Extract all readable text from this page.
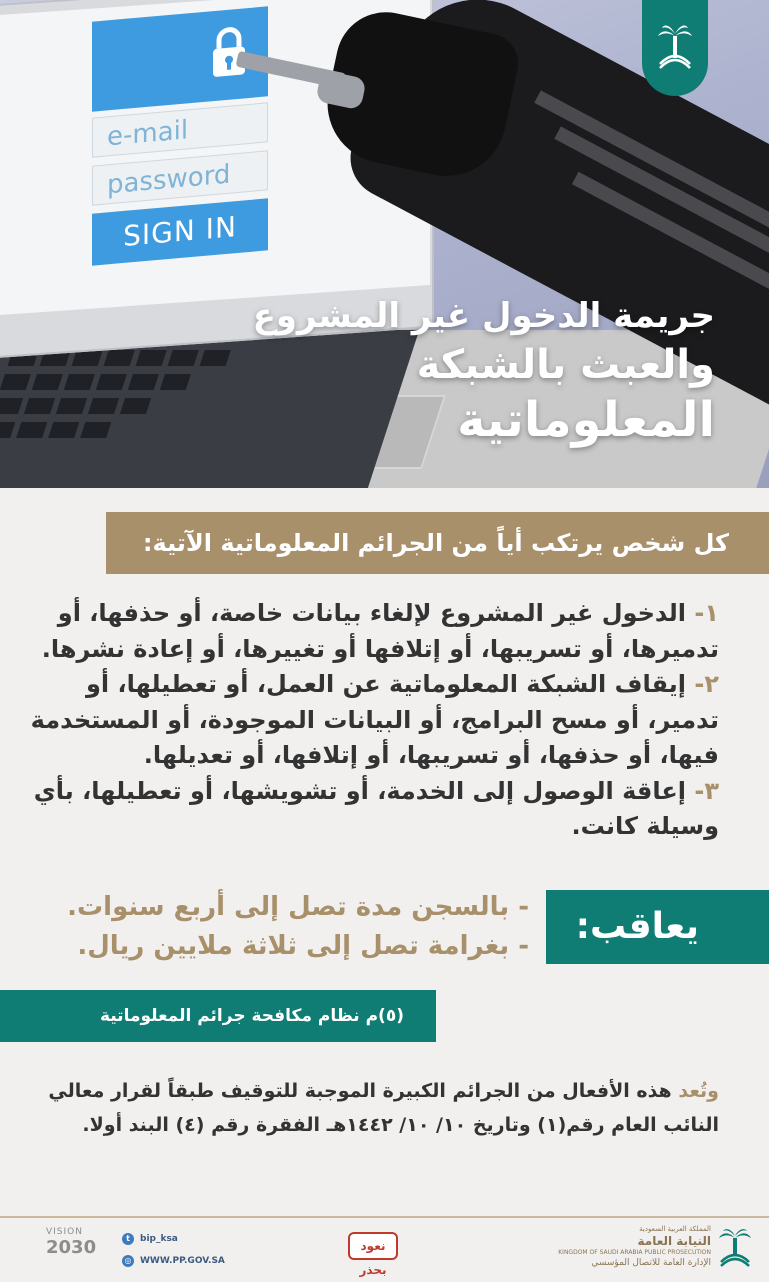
e-mail
password
SIGN IN
جريمة الدخول غير المشروع
والعبث بالشبكة
المعلوماتية
كل شخص يرتكب أياً من الجرائم المعلوماتية الآتية:
١- الدخول غير المشروع لإلغاء بيانات خاصة، أو حذفها، أو تدميرها، أو تسريبها، أو إتلافها أو تغييرها، أو إعادة نشرها.
٢- إيقاف الشبكة المعلوماتية عن العمل، أو تعطيلها، أو تدمير، أو مسح البرامج، أو البيانات الموجودة، أو المستخدمة فيها، أو حذفها، أو تسريبها، أو إتلافها، أو تعديلها.
٣- إعاقة الوصول إلى الخدمة، أو تشويشها، أو تعطيلها، بأي وسيلة كانت.
يعاقب:
- بالسجن مدة تصل إلى أربع سنوات.
- بغرامة تصل إلى ثلاثة ملايين ريال.
(٥)م نظام مكافحة جرائم المعلوماتية
وتُعد هذه الأفعال من الجرائم الكبيرة الموجبة للتوقيف طبقاً لقرار معالي النائب العام رقم(١) وتاريخ ١٠/ ١٠/ ١٤٤٢هـ الفقرة رقم (٤) البند أولا.
VISION
2030	t	bip_ksa
◎ WWW.PP.GOV.SA
نعود بحذر
المملكة العربية السعودية
النيابة العامة
KINGDOM OF SAUDI ARABIA PUBLIC PROSECUTION
الإدارة العامة للاتصال المؤسسي
